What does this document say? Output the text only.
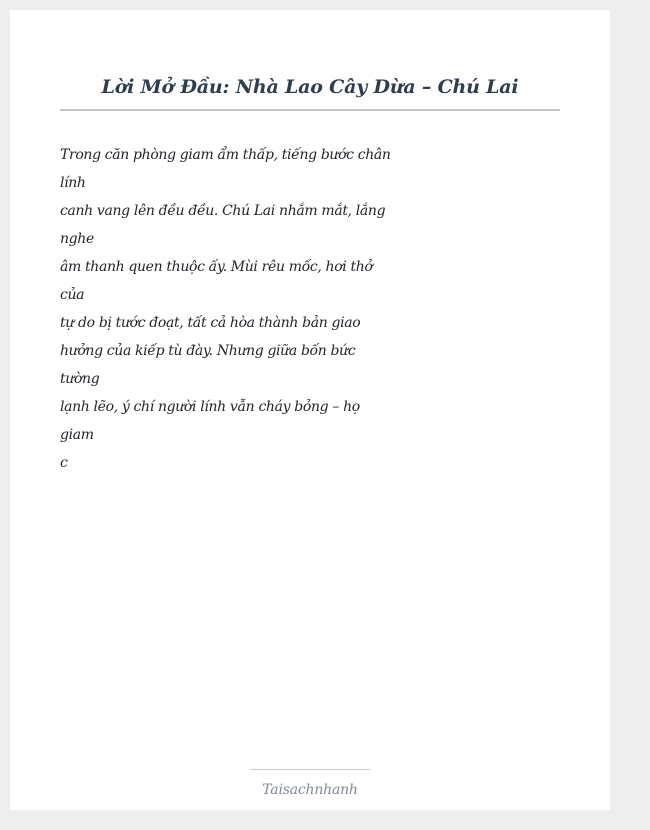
Lời Mở Đầu: Nhà Lao Cây Dừa – Chú Lai
Trong căn phòng giam ẩm thấp, tiếng bước chân
lính
canh vang lên đều đều. Chú Lai nhắm mắt, lắng
nghe
âm thanh quen thuộc ấy. Mùi rêu mốc, hơi thở
của
tự do bị tước đoạt, tất cả hòa thành bản giao
hưởng của kiếp tù đày. Nhưng giữa bốn bức
tường
lạnh lẽo, ý chí người lính vẫn cháy bỏng – họ
giam
c
Taisachnhanh
